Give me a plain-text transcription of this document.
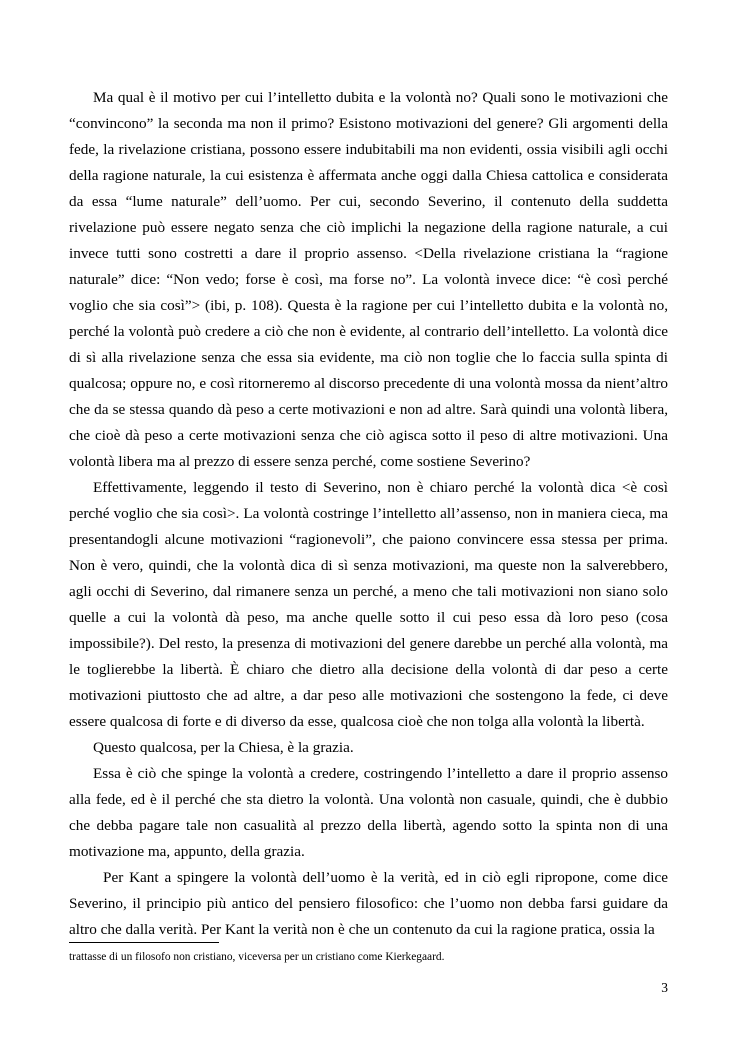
Ma qual è il motivo per cui l’intelletto dubita e la volontà no? Quali sono le motivazioni che “convincono” la seconda ma non il primo? Esistono motivazioni del genere? Gli argomenti della fede, la rivelazione cristiana, possono essere indubitabili ma non evidenti, ossia visibili agli occhi della ragione naturale, la cui esistenza è affermata anche oggi dalla Chiesa cattolica e considerata da essa “lume naturale” dell’uomo. Per cui, secondo Severino, il contenuto della suddetta rivelazione può essere negato senza che ciò implichi la negazione della ragione naturale, a cui invece tutti sono costretti a dare il proprio assenso. <Della rivelazione cristiana la “ragione naturale” dice: “Non vedo; forse è così, ma forse no”. La volontà invece dice: “è così perché voglio che sia così”> (ibi, p. 108). Questa è la ragione per cui l’intelletto dubita e la volontà no, perché la volontà può credere a ciò che non è evidente, al contrario dell’intelletto. La volontà dice di sì alla rivelazione senza che essa sia evidente, ma ciò non toglie che lo faccia sulla spinta di qualcosa; oppure no, e così ritorneremo al discorso precedente di una volontà mossa da nient’altro che da se stessa quando dà peso a certe motivazioni e non ad altre. Sarà quindi una volontà libera, che cioè dà peso a certe motivazioni senza che ciò agisca sotto il peso di altre motivazioni. Una volontà libera ma al prezzo di essere senza perché, come sostiene Severino?

Effettivamente, leggendo il testo di Severino, non è chiaro perché la volontà dica <è così perché voglio che sia così>. La volontà costringe l’intelletto all’assenso, non in maniera cieca, ma presentandogli alcune motivazioni “ragionevoli”, che paiono convincere essa stessa per prima. Non è vero, quindi, che la volontà dica di sì senza motivazioni, ma queste non la salverebbero, agli occhi di Severino, dal rimanere senza un perché, a meno che tali motivazioni non siano solo quelle a cui la volontà dà peso, ma anche quelle sotto il cui peso essa dà loro peso (cosa impossibile?). Del resto, la presenza di motivazioni del genere darebbe un perché alla volontà, ma le toglierebbe la libertà. È chiaro che dietro alla decisione della volontà di dar peso a certe motivazioni piuttosto che ad altre, a dar peso alle motivazioni che sostengono la fede, ci deve essere qualcosa di forte e di diverso da esse, qualcosa cioè che non tolga alla volontà la libertà.

Questo qualcosa, per la Chiesa, è la grazia.

Essa è ciò che spinge la volontà a credere, costringendo l’intelletto a dare il proprio assenso alla fede, ed è il perché che sta dietro la volontà. Una volontà non casuale, quindi, che è dubbio che debba pagare tale non casualità al prezzo della libertà, agendo sotto la spinta non di una motivazione ma, appunto, della grazia.

Per Kant a spingere la volontà dell’uomo è la verità, ed in ciò egli ripropone, come dice Severino, il principio più antico del pensiero filosofico: che l’uomo non debba farsi guidare da altro che dalla verità. Per Kant la verità non è che un contenuto da cui la ragione pratica, ossia la

trattasse di un filosofo non cristiano, viceversa per un cristiano come Kierkegaard.

3
